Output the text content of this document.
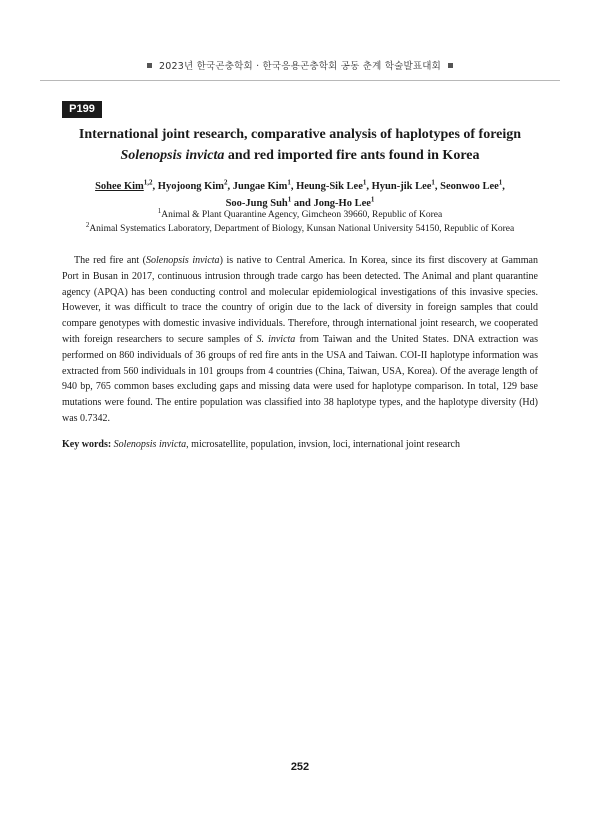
2023년 한국곤충학회 · 한국응용곤충학회 공동 춘계 학술발표대회
P199
International joint research, comparative analysis of haplotypes of foreign
Solenopsis invicta and red imported fire ants found in Korea
Sohee Kim$^{1,2}$, Hyojoong Kim$^2$, Jungae Kim$^1$, Heung-Sik Lee$^1$, Hyun-jik Lee$^1$, Seonwoo Lee$^1$,
Soo-Jung Suh$^1$ and Jong-Ho Lee$^1$
$^1$Animal & Plant Quarantine Agency, Gimcheon 39660, Republic of Korea
$^2$Animal Systematics Laboratory, Department of Biology, Kunsan National University 54150, Republic of Korea

The red fire ant (Solenopsis invicta) is native to Central America. In Korea, since its first discovery at Gamman Port in Busan in 2017, continuous intrusion through trade cargo has been detected. The Animal and plant quarantine agency (APQA) has been conducting control and molecular epidemiological investigations of this invasive species. However, it was difficult to trace the country of origin due to the lack of diversity in foreign samples that could compare genotypes with domestic invasive individuals. Therefore, through international joint research, we cooperated with foreign researchers to secure samples of S. invicta from Taiwan and the United States. DNA extraction was performed on 860 individuals of 36 groups of red fire ants in the USA and Taiwan. COI-II haplotype information was extracted from 560 individuals in 101 groups from 4 countries (China, Taiwan, USA, Korea). Of the average length of 940 bp, 765 common bases excluding gaps and missing data were used for haplotype comparison. In total, 129 base mutations were found. The entire population was classified into 38 haplotype types, and the haplotype diversity (Hd) was 0.7342.

Key words: Solenopsis invicta, microsatellite, population, invsion, loci, international joint research

252
